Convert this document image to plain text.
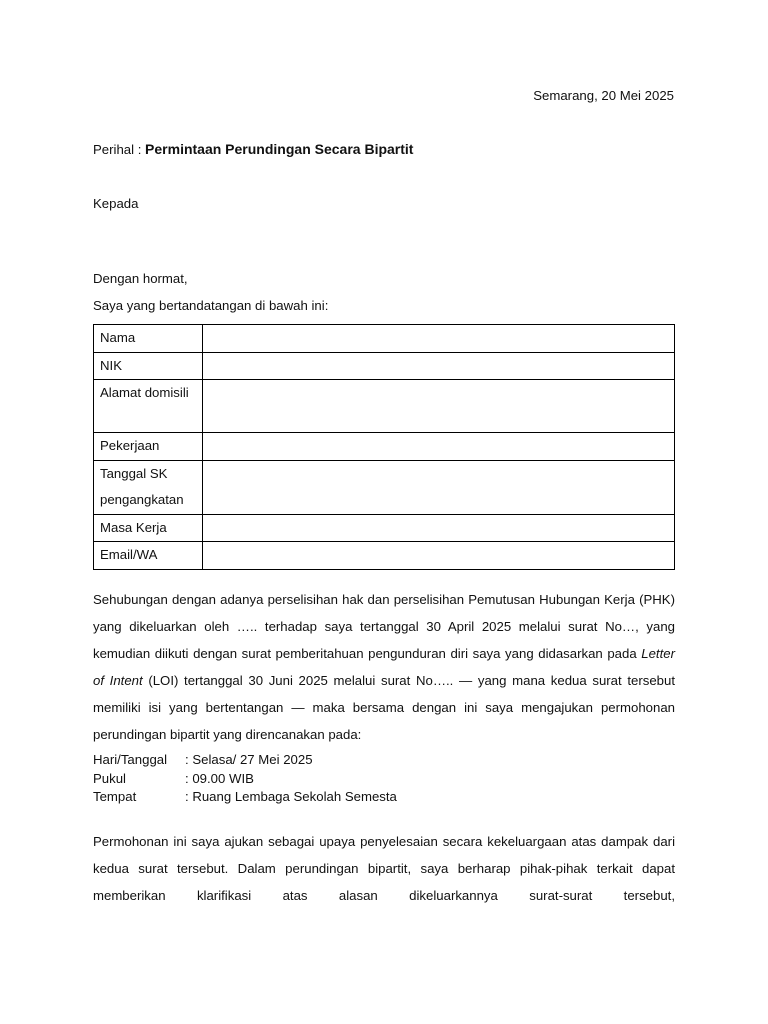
Semarang, 20 Mei 2025
Perihal : Permintaan Perundingan Secara Bipartit
Kepada
Dengan hormat,
Saya yang bertandatangan di bawah ini:
Nama	
NIK	
Alamat domisili	
Pekerjaan	
Tanggal SK pengangkatan	
Masa Kerja	
Email/WA	

Sehubungan dengan adanya perselisihan hak dan perselisihan Pemutusan Hubungan Kerja (PHK) yang dikeluarkan oleh ….. terhadap saya tertanggal 30 April 2025 melalui surat No…, yang kemudian diikuti dengan surat pemberitahuan pengunduran diri saya yang didasarkan pada Letter of Intent (LOI) tertanggal 30 Juni 2025 melalui surat No….. — yang mana kedua surat tersebut memiliki isi yang bertentangan — maka bersama dengan ini saya mengajukan permohonan perundingan bipartit yang direncanakan pada:

Hari/Tanggal	: Selasa/ 27 Mei 2025
Pukul	: 09.00 WIB
Tempat	: Ruang Lembaga Sekolah Semesta

Permohonan ini saya ajukan sebagai upaya penyelesaian secara kekeluargaan atas dampak dari kedua surat tersebut. Dalam perundingan bipartit, saya berharap pihak-pihak terkait dapat memberikan klarifikasi atas alasan dikeluarkannya surat-surat tersebut,
